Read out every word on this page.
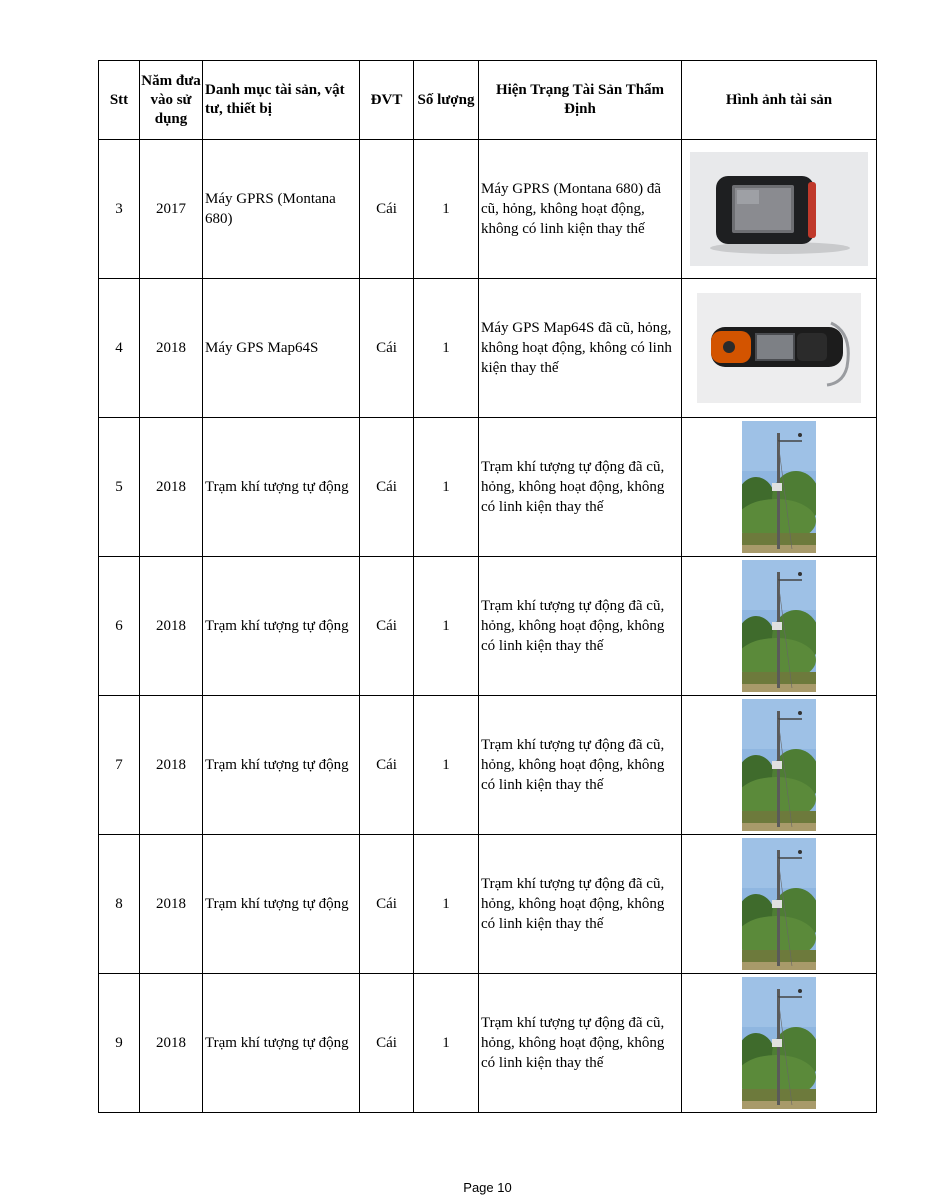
Stt	Năm đưa vào sử dụng	Danh mục tài sản, vật tư, thiết bị	ĐVT	Số lượng	Hiện Trạng Tài Sản Thẩm Định	Hình ảnh tài sản
3	2017	Máy GPRS (Montana 680)	Cái	1	Máy GPRS (Montana 680) đã cũ, hỏng, không hoạt động, không có linh kiện thay thế	
4	2018	Máy GPS Map64S	Cái	1	Máy GPS Map64S đã cũ, hỏng, không hoạt động, không có linh kiện thay thế	
5	2018	Trạm khí tượng tự động	Cái	1	Trạm khí tượng tự động đã cũ, hỏng, không hoạt động, không có linh kiện thay thế	
6	2018	Trạm khí tượng tự động	Cái	1	Trạm khí tượng tự động đã cũ, hỏng, không hoạt động, không có linh kiện thay thế	
7	2018	Trạm khí tượng tự động	Cái	1	Trạm khí tượng tự động đã cũ, hỏng, không hoạt động, không có linh kiện thay thế	
8	2018	Trạm khí tượng tự động	Cái	1	Trạm khí tượng tự động đã cũ, hỏng, không hoạt động, không có linh kiện thay thế	
9	2018	Trạm khí tượng tự động	Cái	1	Trạm khí tượng tự động đã cũ, hỏng, không hoạt động, không có linh kiện thay thế	
Page 10
